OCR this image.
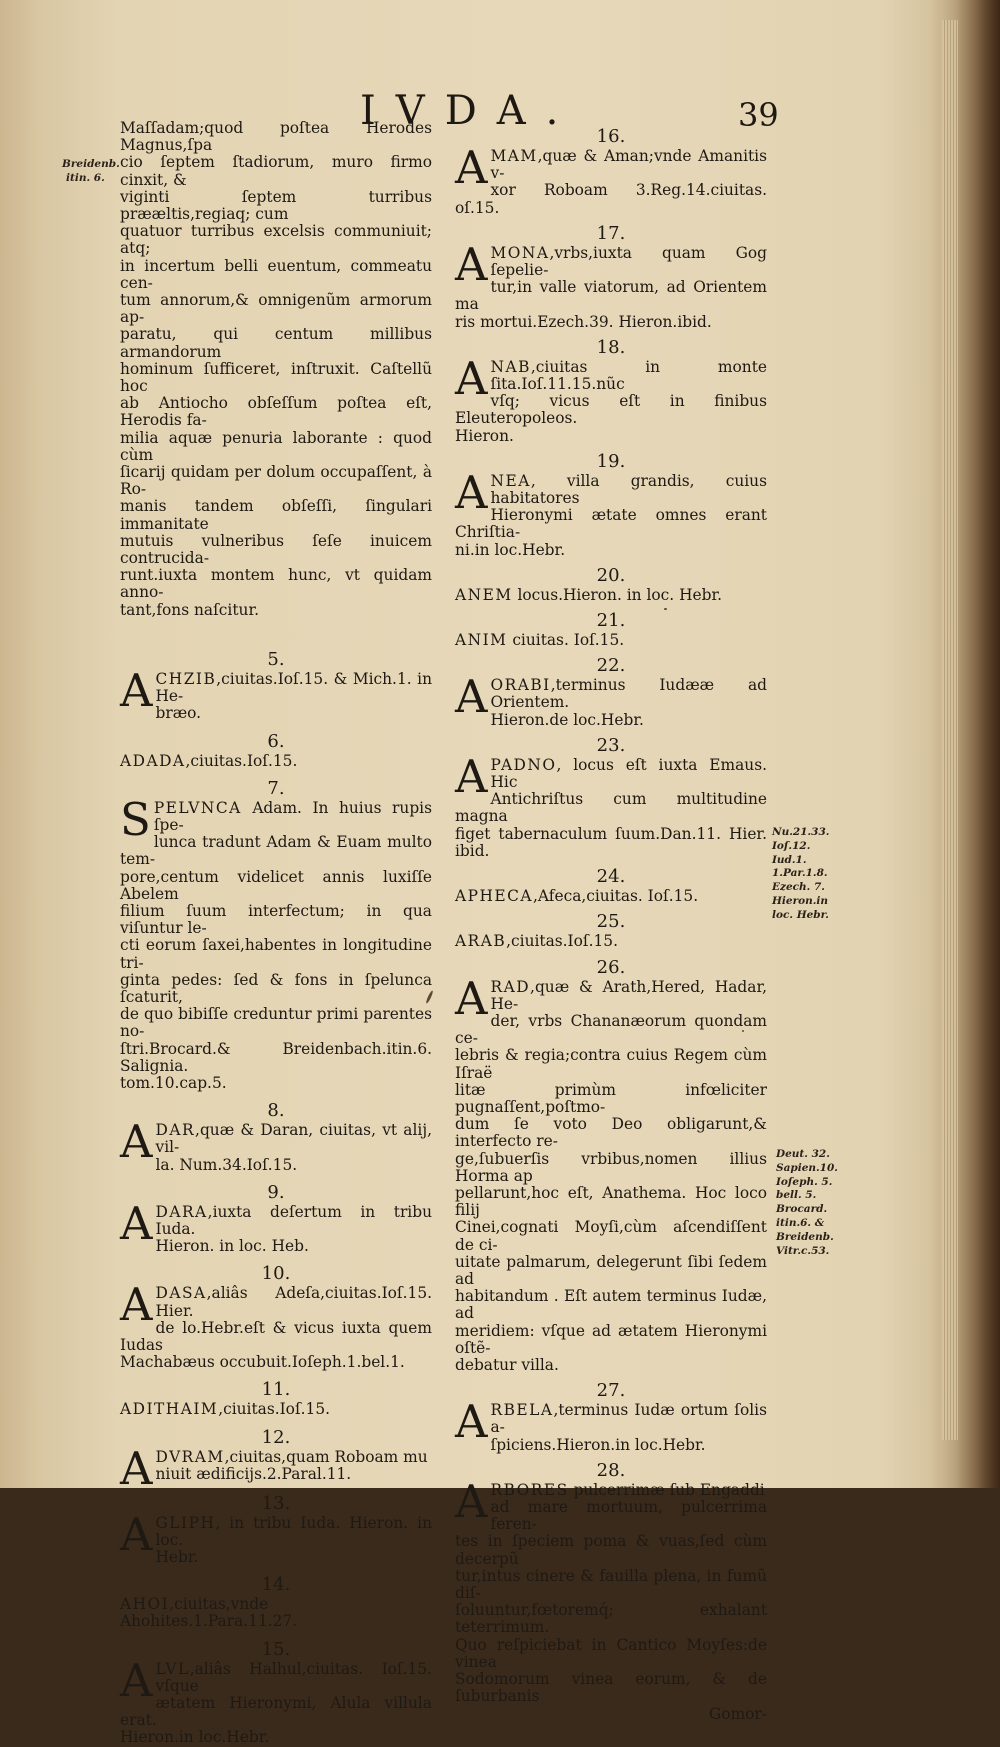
IVDA.	39
Breidenb.
itin. 6.
Maſſadam;quod poſtea Herodes Magnus,ſpa
cio ſeptem ſtadiorum, muro firmo cinxit, &
viginti ſeptem turribus prææltis,regiaq; cum
quatuor turribus excelsis communiuit; atq;
in incertum belli euentum, commeatu cen-
tum annorum,& omnigenũm armorum ap-
paratu, qui centum millibus armandorum
hominum ſufficeret, inſtruxit. Caſtellũ hoc
ab Antiocho obſeſſum poſtea eſt, Herodis fa-
milia aquæ penuria laborante : quod cùm
ſicarij quidam per dolum occupaſſent, à Ro-
manis tandem obſeſſi, ſingulari immanitate
mutuis vulneribus ſeſe inuicem contrucida-
runt.iuxta montem hunc, vt quidam anno-
tant,fons naſcitur.
5.
ACHZIB,ciuitas.Ioſ.15. & Mich.1. in He-
bræo.
6.
ADADA,ciuitas.Ioſ.15.
7.
SPELVNCA Adam. In huius rupis ſpe-
lunca tradunt Adam & Euam multo tem-
pore,centum videlicet annis luxiſſe Abelem
filium ſuum interfectum; in qua viſuntur le-
cti eorum ſaxei,habentes in longitudine tri-
ginta pedes: ſed & fons in ſpelunca ſcaturit,
de quo bibiſſe creduntur primi parentes no-
ſtri.Brocard.& Breidenbach.itin.6. Salignia.
tom.10.cap.5.
8.
ADAR,quæ & Daran, ciuitas, vt alij, vil-
la. Num.34.Ioſ.15.
9.
ADARA,iuxta deſertum in tribu Iuda.
Hieron. in loc. Heb.
10.
ADASA,aliâs Adeſa,ciuitas.Ioſ.15. Hier.
de lo.Hebr.eſt & vicus iuxta quem Iudas
Machabæus occubuit.Ioſeph.1.bel.1.
11.
ADITHAIM,ciuitas.Ioſ.15.
12.
ADVRAM,ciuitas,quam Roboam mu
niuit ædificijs.2.Paral.11.
13.
AGLIPH, in tribu Iuda. Hieron. in loc.
Hebr.
14.
AHOI,ciuitas,vnde Ahohites.1.Para.11.27.
15.
ALVL,aliâs Halhul,ciuitas. Ioſ.15. vſque
ætatem Hieronymi, Alula villula erat.
Hieron.in loc.Hebr.
16.
AMAM,quæ & Aman;vnde Amanitis v-
xor Roboam 3.Reg.14.ciuitas. oſ.15.
17.
AMONA,vrbs,iuxta quam Gog ſepelie-
tur,in valle viatorum, ad Orientem ma
ris mortui.Ezech.39. Hieron.ibid.
18.
ANAB,ciuitas in monte ſita.Ioſ.11.15.nũc
vſq; vicus eſt in finibus Eleuteropoleos.
Hieron.
19.
ANEA, villa grandis, cuius habitatores
Hieronymi ætate omnes erant Chriſtia-
ni.in loc.Hebr.
20.
ANEM locus.Hieron. in loc. Hebr.
21.
ANIM ciuitas. Ioſ.15.
22.
AORABI,terminus Iudææ ad Orientem.
Hieron.de loc.Hebr.
23.
APADNO, locus eſt iuxta Emaus. Hic
Antichriſtus cum multitudine magna
figet tabernaculum ſuum.Dan.11. Hier. ibid.
24.
APHECA,Afeca,ciuitas. Ioſ.15.
25.
ARAB,ciuitas.Ioſ.15.
26.
ARAD,quæ & Arath,Hered, Hadar, He-
der, vrbs Chananæorum quondam ce-
lebris & regia;contra cuius Regem cùm Iſraë
litæ primùm infœliciter pugnaſſent,poſtmo-
dum ſe voto Deo obligarunt,& interfecto re-
ge,ſubuerſis vrbibus,nomen illius Horma ap
pellarunt,hoc eſt, Anathema. Hoc loco filij
Cinei,cognati Moyſi,cùm aſcendiſſent de ci-
uitate palmarum, delegerunt ſibi ſedem ad
habitandum . Eſt autem terminus Iudæ, ad
meridiem: vſque ad ætatem Hieronymi oſtẽ-
debatur villa.
27.
ARBELA,terminus Iudæ ortum ſolis a-
ſpiciens.Hieron.in loc.Hebr.
28.
ARBORES pulcerrimæ ſub Engaddi
ad mare mortuum, pulcerrima feren-
tes in ſpeciem poma & vuas,ſed cùm decerpũ
tur,intus cinere & fauilla plena, in fumũ diſ-
ſoluuntur,fœtoremq́; exhalant teterrimum.
Quo reſpiciebat in Cantico Moyſes:de vinea
Sodomorum vinea eorum, & de ſuburbanis
Gomor-
Nu.21.33.
Ioſ.12.
Iud.1.
1.Par.1.8.
Ezech. 7.
Hieron.in
loc. Hebr.
Deut. 32.
Sapien.10.
Ioſeph. 5.
bell. 5.
Brocard.
itin.6. &
Breidenb.
Vitr.c.53.
